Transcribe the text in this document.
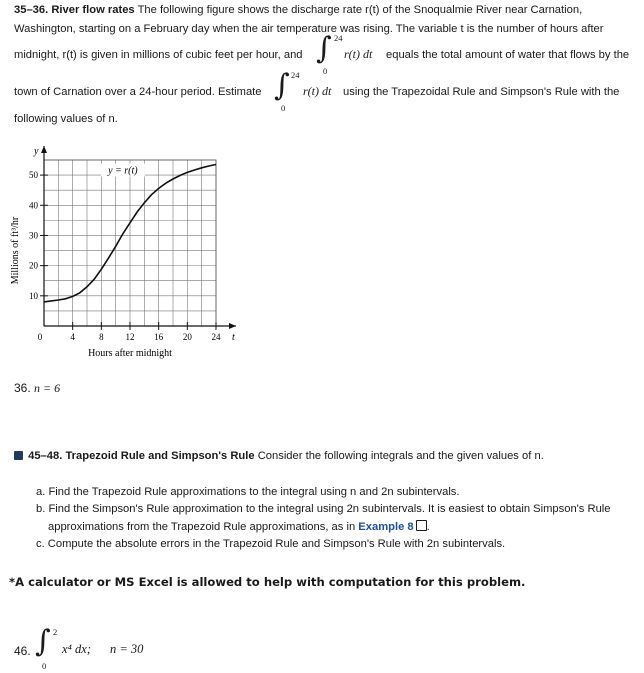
35–36. River flow rates The following figure shows the discharge rate r(t) of the Snoqualmie River near Carnation,
Washington, starting on a February day when the air temperature was rising. The variable t is the number of hours after
midnight, r(t) is given in millions of cubic feet per hour, and ∫ 24
0
r(t) dt equals the total amount of water that flows by the
town of Carnation over a 24-hour period. Estimate ∫ 24
0
r(t) dt using the Trapezoidal Rule and Simpson's Rule with the
following values of n.
0	4	8 12 16 20 24
10
20
30
40
50	y = r(t)
Hours after midnight
Millions of ft³/hr
t
y
36. n = 6
45–48. Trapezoid Rule and Simpson's Rule Consider the following integrals and the given values of n.
a. Find the Trapezoid Rule approximations to the integral using n and 2n subintervals.
b. Find the Simpson's Rule approximation to the integral using 2n subintervals. It is easiest to obtain Simpson's Rule
approximations from the Trapezoid Rule approximations, as in Example 8 .
c. Compute the absolute errors in the Trapezoid Rule and Simpson's Rule with 2n subintervals.
*A calculator or MS Excel is allowed to help with computation for this problem.
46. ∫ 2
0
x⁴ dx; n = 30
